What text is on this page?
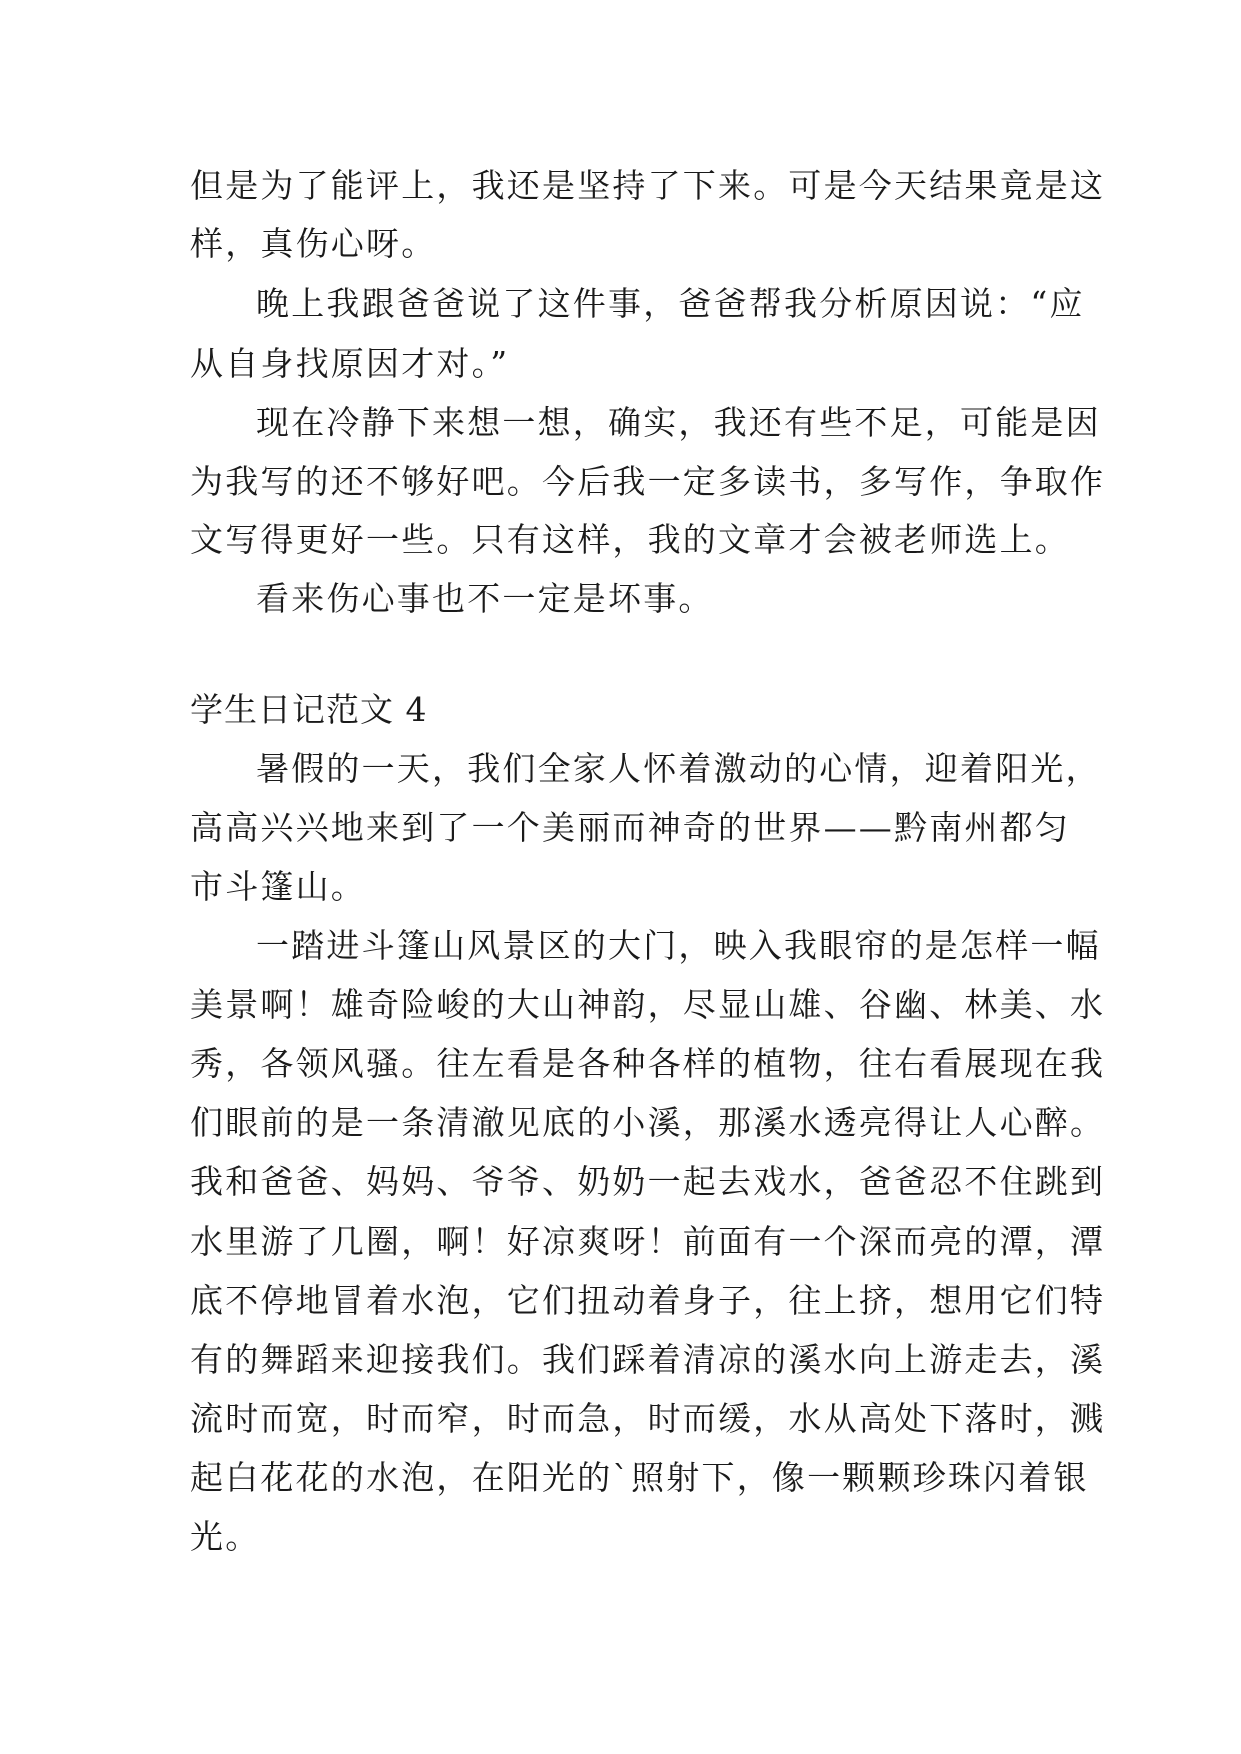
但是为了能评上，我还是坚持了下来。可是今天结果竟是这
样，真伤心呀。
晚上我跟爸爸说了这件事，爸爸帮我分析原因说：“应
从自身找原因才对。”
现在冷静下来想一想，确实，我还有些不足，可能是因
为我写的还不够好吧。今后我一定多读书，多写作，争取作
文写得更好一些。只有这样，我的文章才会被老师选上。
看来伤心事也不一定是坏事。
学生日记范文 4
暑假的一天，我们全家人怀着激动的心情，迎着阳光，
高高兴兴地来到了一个美丽而神奇的世界——黔南州都匀
市斗篷山。
一踏进斗篷山风景区的大门，映入我眼帘的是怎样一幅
美景啊！雄奇险峻的大山神韵，尽显山雄、谷幽、林美、水
秀，各领风骚。往左看是各种各样的植物，往右看展现在我
们眼前的是一条清澈见底的小溪，那溪水透亮得让人心醉。
我和爸爸、妈妈、爷爷、奶奶一起去戏水，爸爸忍不住跳到
水里游了几圈，啊！好凉爽呀！前面有一个深而亮的潭，潭
底不停地冒着水泡，它们扭动着身子，往上挤，想用它们特
有的舞蹈来迎接我们。我们踩着清凉的溪水向上游走去，溪
流时而宽，时而窄，时而急，时而缓，水从高处下落时，溅
起白花花的水泡，在阳光的`照射下，像一颗颗珍珠闪着银
光。
